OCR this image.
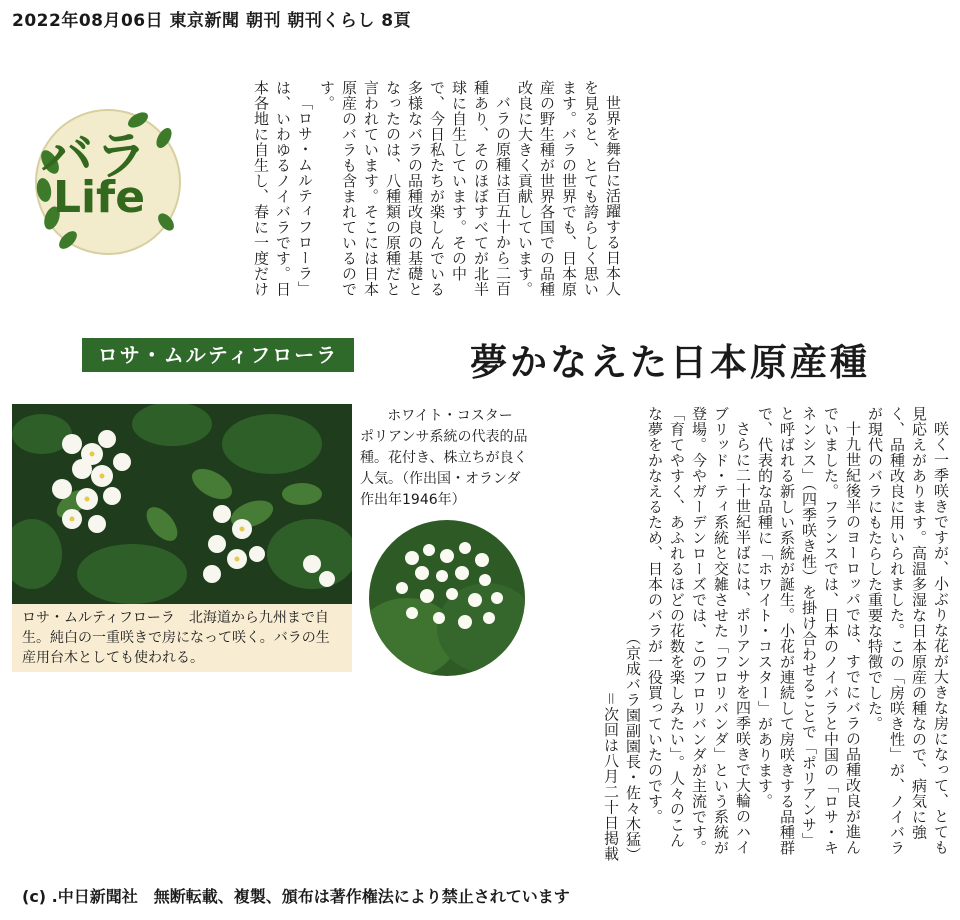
2022年08月06日 東京新聞 朝刊 朝刊くらし 8頁
バラ
Life	世界を舞台に活躍する日本人を見ると、とても誇らしく思います。バラの世界でも、日本原産の野生種が世界各国での品種改良に大きく貢献しています。
バラの原種は百五十から二百種あり、そのほぼすべてが北半球に自生しています。その中で、今日私たちが楽しんでいる多様なバラの品種改良の基礎となったのは、八種類の原種だと言われています。そこには日本原産のバラも含まれているのです。
「ロサ・ムルティフローラ」は、いわゆるノイバラです。日本各地に自生し、春に一度だけ
ロサ・ムルティフローラ	夢かなえた日本原産種
ロサ・ムルティフローラ　 北海道から九州まで自生。純白の一重咲きで房になって咲く。バラの生産用台木としても使われる。
ホワイト・コスター
ポリアンサ系統の代表的品種。花付き、株立ちが良く人気。（作出国・オランダ　作出年1946年）	咲く一季咲きですが、小ぶりな花が大きな房になって、とても見応えがあります。高温多湿な日本原産の種なので、病気に強く、品種改良に用いられました。この「房咲き性」が、ノイバラが現代のバラにもたらした重要な特徴でした。
十九世紀後半のヨーロッパでは、すでにバラの品種改良が進んでいました。フランスでは、日本のノイバラと中国の「ロサ・キネンシス」（四季咲き性）を掛け合わせることで「ポリアンサ」と呼ばれる新しい系統が誕生。小花が連続して房咲きする品種群で、代表的な品種に「ホワイト・コスター」があります。
さらに二十世紀半ばには、ポリアンサを四季咲きで大輪のハイブリッド・ティ系統と交雑させた「フロリバンダ」という系統が登場。今やガーデンローズでは、このフロリバンダが主流です。「育てやすく、あふれるほどの花数を楽しみたい」。人々のこんな夢をかなえるため、日本のバラが一役買っていたのです。
（京成バラ園副園長・佐々木猛）
＝次回は八月二十日掲載
(c) .中日新聞社　無断転載、複製、頒布は著作権法により禁止されています
